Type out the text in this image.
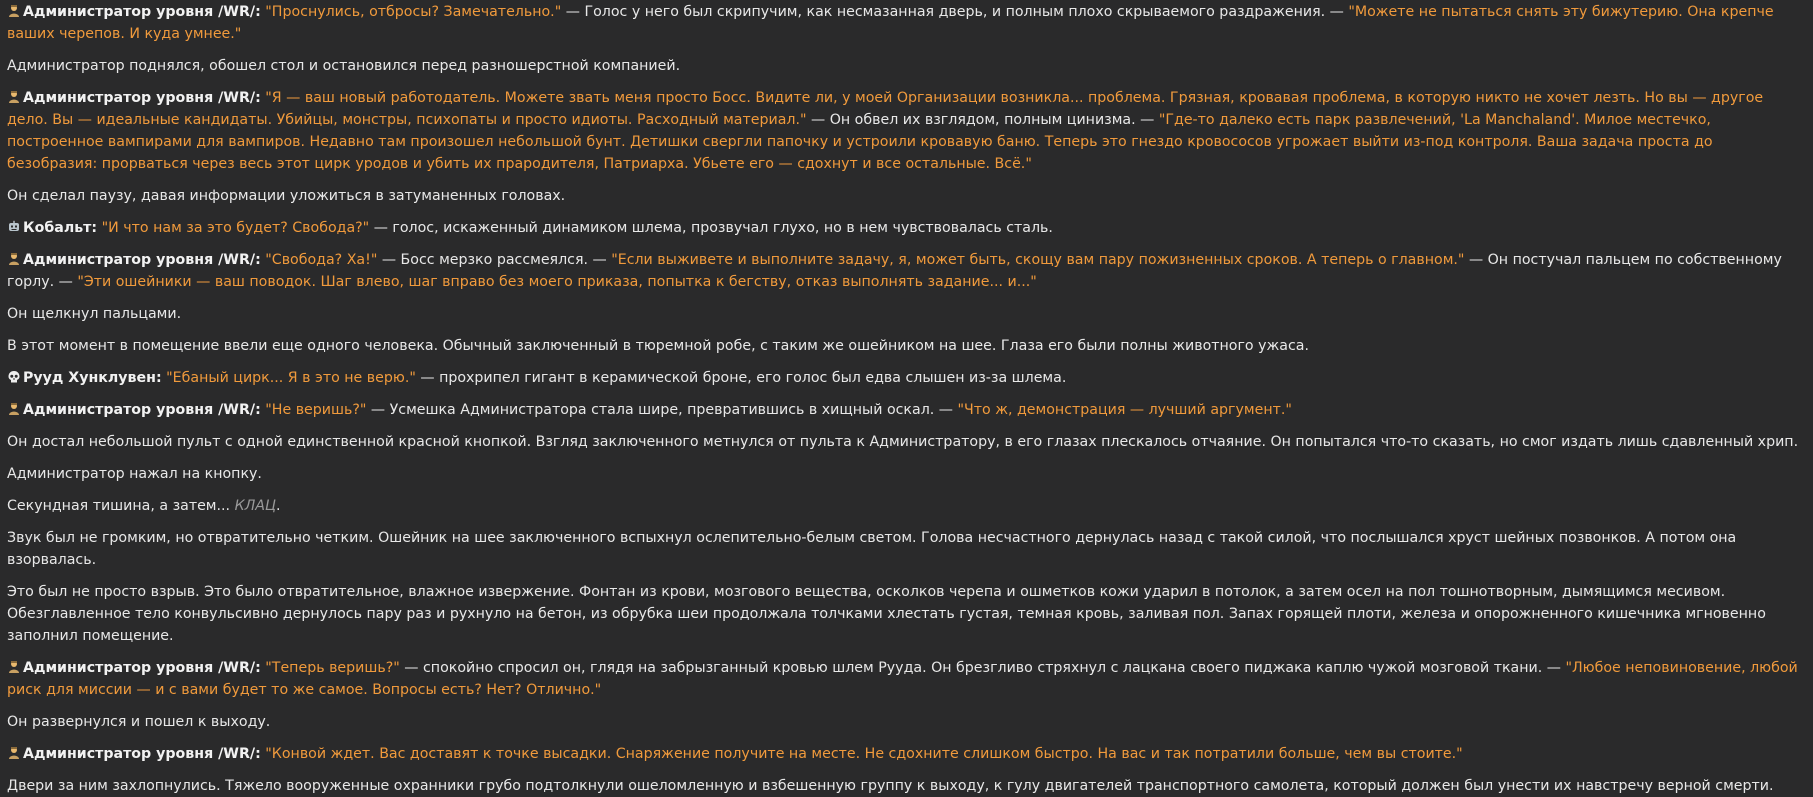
Администратор уровня /WR/: "Проснулись, отбросы? Замечательно." — Голос у него был скрипучим, как несмазанная дверь, и полным плохо скрываемого раздражения. — "Можете не пытаться снять эту бижутерию. Она крепче ваших черепов. И куда умнее."
Администратор поднялся, обошел стол и остановился перед разношерстной компанией.
Администратор уровня /WR/: "Я — ваш новый работодатель. Можете звать меня просто Босс. Видите ли, у моей Организации возникла... проблема. Грязная, кровавая проблема, в которую никто не хочет лезть. Но вы — другое дело. Вы — идеальные кандидаты. Убийцы, монстры, психопаты и просто идиоты. Расходный материал." — Он обвел их взглядом, полным цинизма. — "Где-то далеко есть парк развлечений, 'La Manchaland'. Милое местечко, построенное вампирами для вампиров. Недавно там произошел небольшой бунт. Детишки свергли папочку и устроили кровавую баню. Теперь это гнездо кровососов угрожает выйти из-под контроля. Ваша задача проста до безобразия: прорваться через весь этот цирк уродов и убить их прародителя, Патриарха. Убьете его — сдохнут и все остальные. Всё."
Он сделал паузу, давая информации уложиться в затуманенных головах.
Кобальт: "И что нам за это будет? Свобода?" — голос, искаженный динамиком шлема, прозвучал глухо, но в нем чувствовалась сталь.
Администратор уровня /WR/: "Свобода? Ха!" — Босс мерзко рассмеялся. — "Если выживете и выполните задачу, я, может быть, скощу вам пару пожизненных сроков. А теперь о главном." — Он постучал пальцем по собственному горлу. — "Эти ошейники — ваш поводок. Шаг влево, шаг вправо без моего приказа, попытка к бегству, отказ выполнять задание... и..."
Он щелкнул пальцами.
В этот момент в помещение ввели еще одного человека. Обычный заключенный в тюремной робе, с таким же ошейником на шее. Глаза его были полны животного ужаса.
Рууд Хунклувен: "Ебаный цирк... Я в это не верю." — прохрипел гигант в керамической броне, его голос был едва слышен из-за шлема.
Администратор уровня /WR/: "Не веришь?" — Усмешка Администратора стала шире, превратившись в хищный оскал. — "Что ж, демонстрация — лучший аргумент."
Он достал небольшой пульт с одной единственной красной кнопкой. Взгляд заключенного метнулся от пульта к Администратору, в его глазах плескалось отчаяние. Он попытался что-то сказать, но смог издать лишь сдавленный хрип.
Администратор нажал на кнопку.
Секундная тишина, а затем... КЛАЦ.
Звук был не громким, но отвратительно четким. Ошейник на шее заключенного вспыхнул ослепительно-белым светом. Голова несчастного дернулась назад с такой силой, что послышался хруст шейных позвонков. А потом она взорвалась.
Это был не просто взрыв. Это было отвратительное, влажное извержение. Фонтан из крови, мозгового вещества, осколков черепа и ошметков кожи ударил в потолок, а затем осел на пол тошнотворным, дымящимся месивом. Обезглавленное тело конвульсивно дернулось пару раз и рухнуло на бетон, из обрубка шеи продолжала толчками хлестать густая, темная кровь, заливая пол. Запах горящей плоти, железа и опорожненного кишечника мгновенно заполнил помещение.
Администратор уровня /WR/: "Теперь веришь?" — спокойно спросил он, глядя на забрызганный кровью шлем Рууда. Он брезгливо стряхнул с лацкана своего пиджака каплю чужой мозговой ткани. — "Любое неповиновение, любой риск для миссии — и с вами будет то же самое. Вопросы есть? Нет? Отлично."
Он развернулся и пошел к выходу.
Администратор уровня /WR/: "Конвой ждет. Вас доставят к точке высадки. Снаряжение получите на месте. Не сдохните слишком быстро. На вас и так потратили больше, чем вы стоите."
Двери за ним захлопнулись. Тяжело вооруженные охранники грубо подтолкнули ошеломленную и взбешенную группу к выходу, к гулу двигателей транспортного самолета, который должен был унести их навстречу верной смерти.
